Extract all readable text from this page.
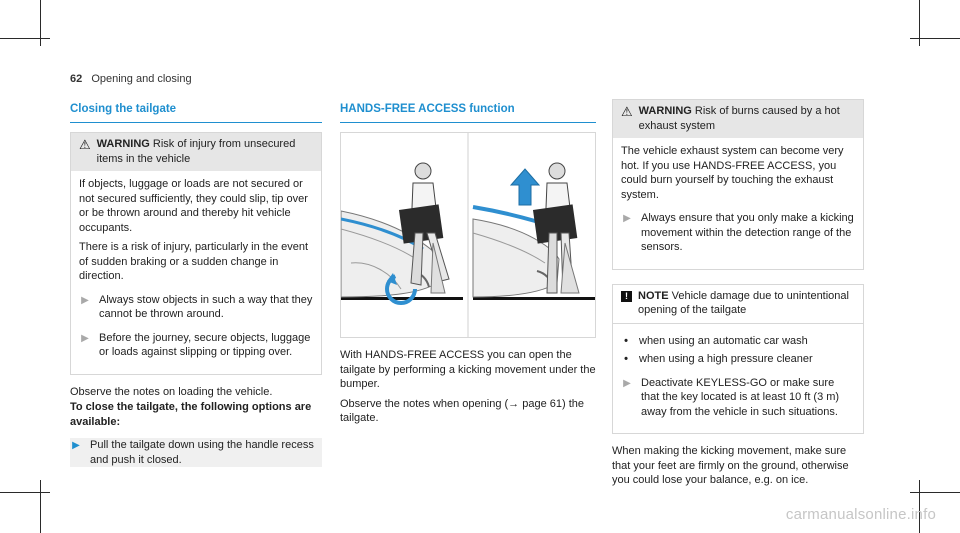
62 Opening and closing
Closing the tailgate
⚠ WARNING Risk of injury from unsecured items in the vehicle

If objects, luggage or loads are not secured or not secured sufficiently, they could slip, tip over or be thrown around and thereby hit vehicle occupants.

There is a risk of injury, particularly in the event of sudden braking or a sudden change in direction.

▶ Always stow objects in such a way that they cannot be thrown around.
▶ Before the journey, secure objects, luggage or loads against slipping or tipping over.

Observe the notes on loading the vehicle.

To close the tailgate, the following options are available:

▶ Pull the tailgate down using the handle recess and push it closed.
HANDS-FREE ACCESS function

With HANDS-FREE ACCESS you can open the tailgate by performing a kicking movement under the bumper.

Observe the notes when opening (→ page 61) the tailgate.

⚠ WARNING Risk of burns caused by a hot exhaust system

The vehicle exhaust system can become very hot. If you use HANDS-FREE ACCESS, you could burn yourself by touching the exhaust system.

▶ Always ensure that you only make a kicking movement within the detection range of the sensors.
! NOTE Vehicle damage due to unintentional opening of the tailgate
• when using an automatic car wash
• when using a high pressure cleaner
▶ Deactivate KEYLESS-GO or make sure that the key located is at least 10 ft (3 m) away from the vehicle in such situations.

When making the kicking movement, make sure that your feet are firmly on the ground, otherwise you could lose your balance, e.g. on ice.

carmanualsonline.info
